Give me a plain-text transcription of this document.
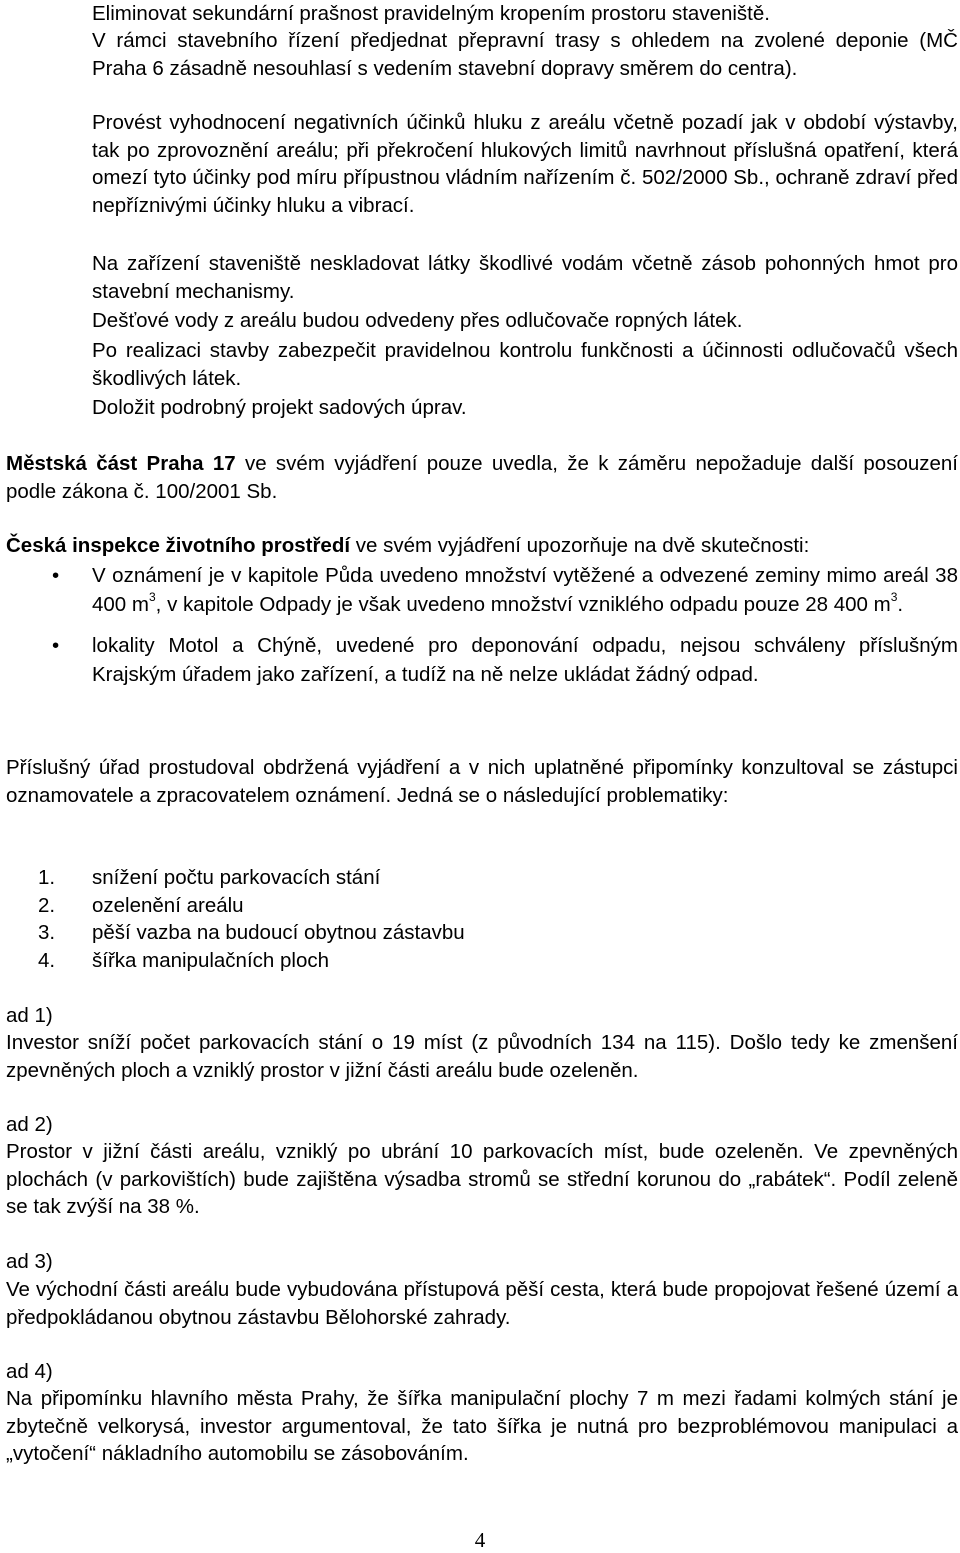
Eliminovat sekundární prašnost pravidelným kropením prostoru staveniště.

V rámci stavebního řízení předjednat přepravní trasy s ohledem na zvolené deponie (MČ Praha 6 zásadně nesouhlasí s vedením stavební dopravy směrem do centra).

Provést vyhodnocení negativních účinků hluku z areálu včetně pozadí jak v období výstavby, tak po zprovoznění areálu; při překročení hlukových limitů navrhnout příslušná opatření, která omezí tyto účinky pod míru přípustnou vládním nařízením č. 502/2000 Sb., ochraně zdraví před nepříznivými účinky hluku a vibrací.

Na zařízení staveniště neskladovat látky škodlivé vodám včetně zásob pohonných hmot pro stavební mechanismy.

Dešťové vody z areálu budou odvedeny přes odlučovače ropných látek.

Po realizaci stavby zabezpečit pravidelnou kontrolu funkčnosti a účinnosti odlučovačů všech škodlivých látek.

Doložit podrobný projekt sadových úprav.

Městská část Praha 17 ve svém vyjádření pouze uvedla, že k záměru nepožaduje další posouzení podle zákona č. 100/2001 Sb.

Česká inspekce životního prostředí ve svém vyjádření upozorňuje na dvě skutečnosti:

• V oznámení je v kapitole Půda uvedeno množství vytěžené a odvezené zeminy mimo areál 38 400 $m^3$, v kapitole Odpady je však uvedeno množství vzniklého odpadu pouze 28 400 $m^3$.
• lokality Motol a Chýně, uvedené pro deponování odpadu, nejsou schváleny příslušným Krajským úřadem jako zařízení, a tudíž na ně nelze ukládat žádný odpad.

Příslušný úřad prostudoval obdržená vyjádření a v nich uplatněné připomínky konzultoval se zástupci oznamovatele a zpracovatelem oznámení. Jedná se o následující problematiky:

1. snížení počtu parkovacích stání
2. ozelenění areálu
3. pěší vazba na budoucí obytnou zástavbu
4. šířka manipulačních ploch

ad 1)

Investor sníží počet parkovacích stání o 19 míst (z původních 134 na 115). Došlo tedy ke zmenšení zpevněných ploch a vzniklý prostor v jižní části areálu bude ozeleněn.

ad 2)

Prostor v jižní části areálu, vzniklý po ubrání 10 parkovacích míst, bude ozeleněn. Ve zpevněných plochách (v parkovištích) bude zajištěna výsadba stromů se střední korunou do „rabátek“. Podíl zeleně se tak zvýší na 38 %.

ad 3)

Ve východní části areálu bude vybudována přístupová pěší cesta, která bude propojovat řešené území a předpokládanou obytnou zástavbu Bělohorské zahrady.

ad 4)

Na připomínku hlavního města Prahy, že šířka manipulační plochy 7 m mezi řadami kolmých stání je zbytečně velkorysá, investor argumentoval, že tato šířka je nutná pro bezproblémovou manipulaci a „vytočení“ nákladního automobilu se zásobováním.

4
